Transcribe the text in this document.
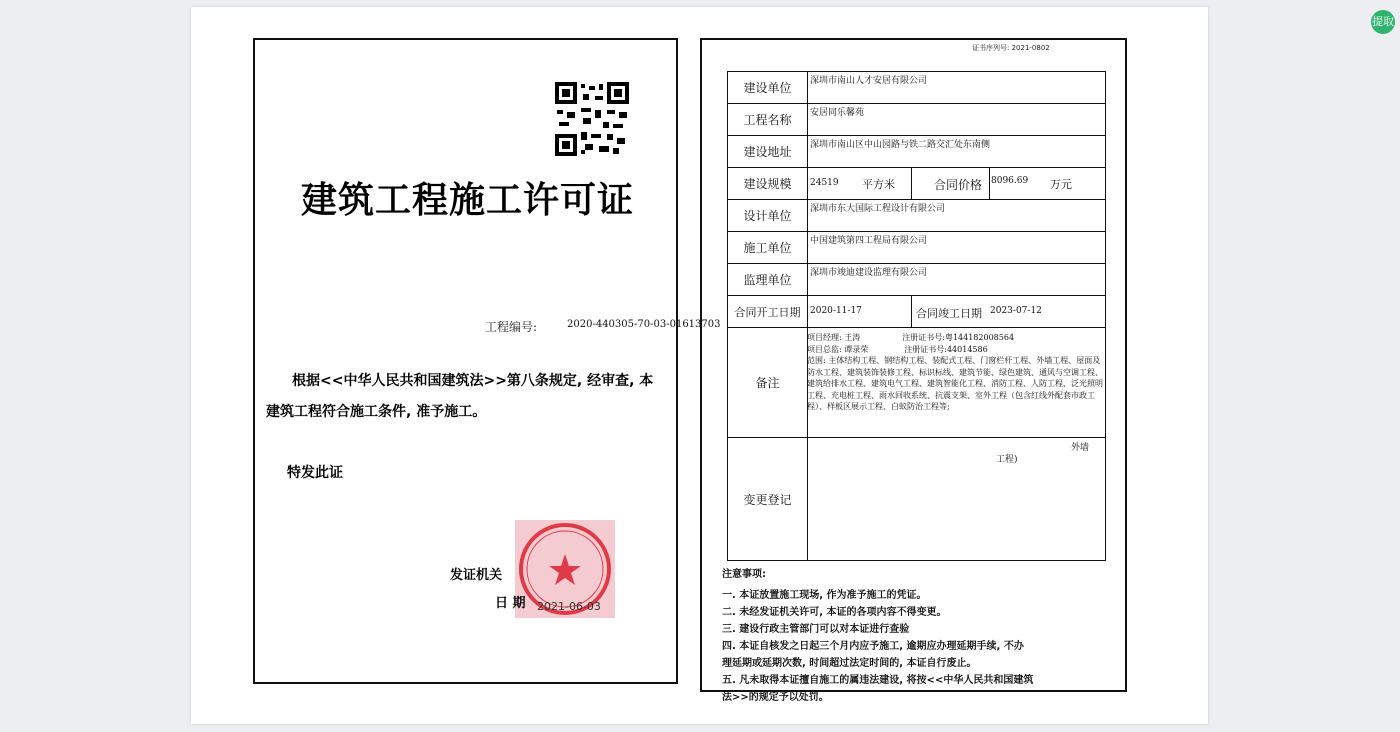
提取
建筑工程施工许可证
工程编号:	2020-440305-70-03-01613703
根据<<中华人民共和国建筑法>>第八条规定, 经审查, 本
建筑工程符合施工条件, 准予施工。
特发此证
发证机关
日 期 2021-06-03
证书序列号: 2021-0802
建设单位	深圳市南山人才安居有限公司
工程名称	安居同乐馨苑
建设地址	深圳市南山区中山园路与铁二路交汇处东南侧
建设规模	24519 平方米	合同价格 8096.69 万元
设计单位	深圳市东大国际工程设计有限公司
施工单位	中国建筑第四工程局有限公司
监理单位	深圳市竣迪建设监理有限公司
合同开工日期	2020-11-17	合同竣工日期 2023-07-12
备注
项目经理: 王涛	注册证书号:粤144182008564
项目总监: 谭录荣	注册证书号:44014586
范围: 主体结构工程、钢结构工程、装配式工程、门窗栏杆工程、外墙工程、屋面及防水工程、建筑装饰装修工程、标识标线、建筑节能、绿色建筑、通风与空调工程、建筑给排水工程、建筑电气工程、建筑智能化工程、消防工程、人防工程、泛光照明工程、充电桩工程、雨水回收系统、抗震支架、室外工程（包含红线外配套市政工程）、样板区展示工程、白蚁防治工程等;
变更登记
外墙
工程)
注意事项:
一. 本证放置施工现场, 作为准予施工的凭证。
二. 未经发证机关许可, 本证的各项内容不得变更。
三. 建设行政主管部门可以对本证进行查验
四. 本证自核发之日起三个月内应予施工, 逾期应办理延期手续, 不办
理延期或延期次数, 时间超过法定时间的, 本证自行废止。
五. 凡未取得本证擅自施工的属违法建设, 将按<<中华人民共和国建筑
法>>的规定予以处罚。
